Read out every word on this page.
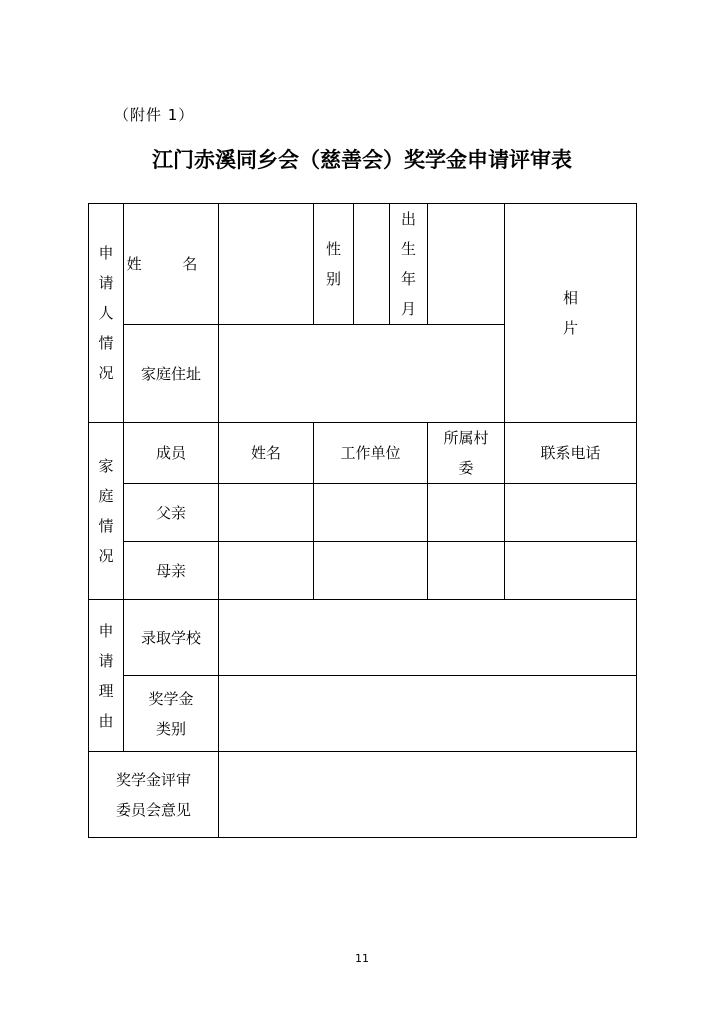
（附件 1）
江门赤溪同乡会（慈善会）奖学金申请评审表
申请人情况	姓 名		性别		出生年月		相片
	家庭住址						
家庭情况	成员	姓名	工作单位			所属村委	联系电话
	父亲						
	母亲						
申请理由	录取学校						
	奖学金类别						
奖学金评审委员会意见							
11
